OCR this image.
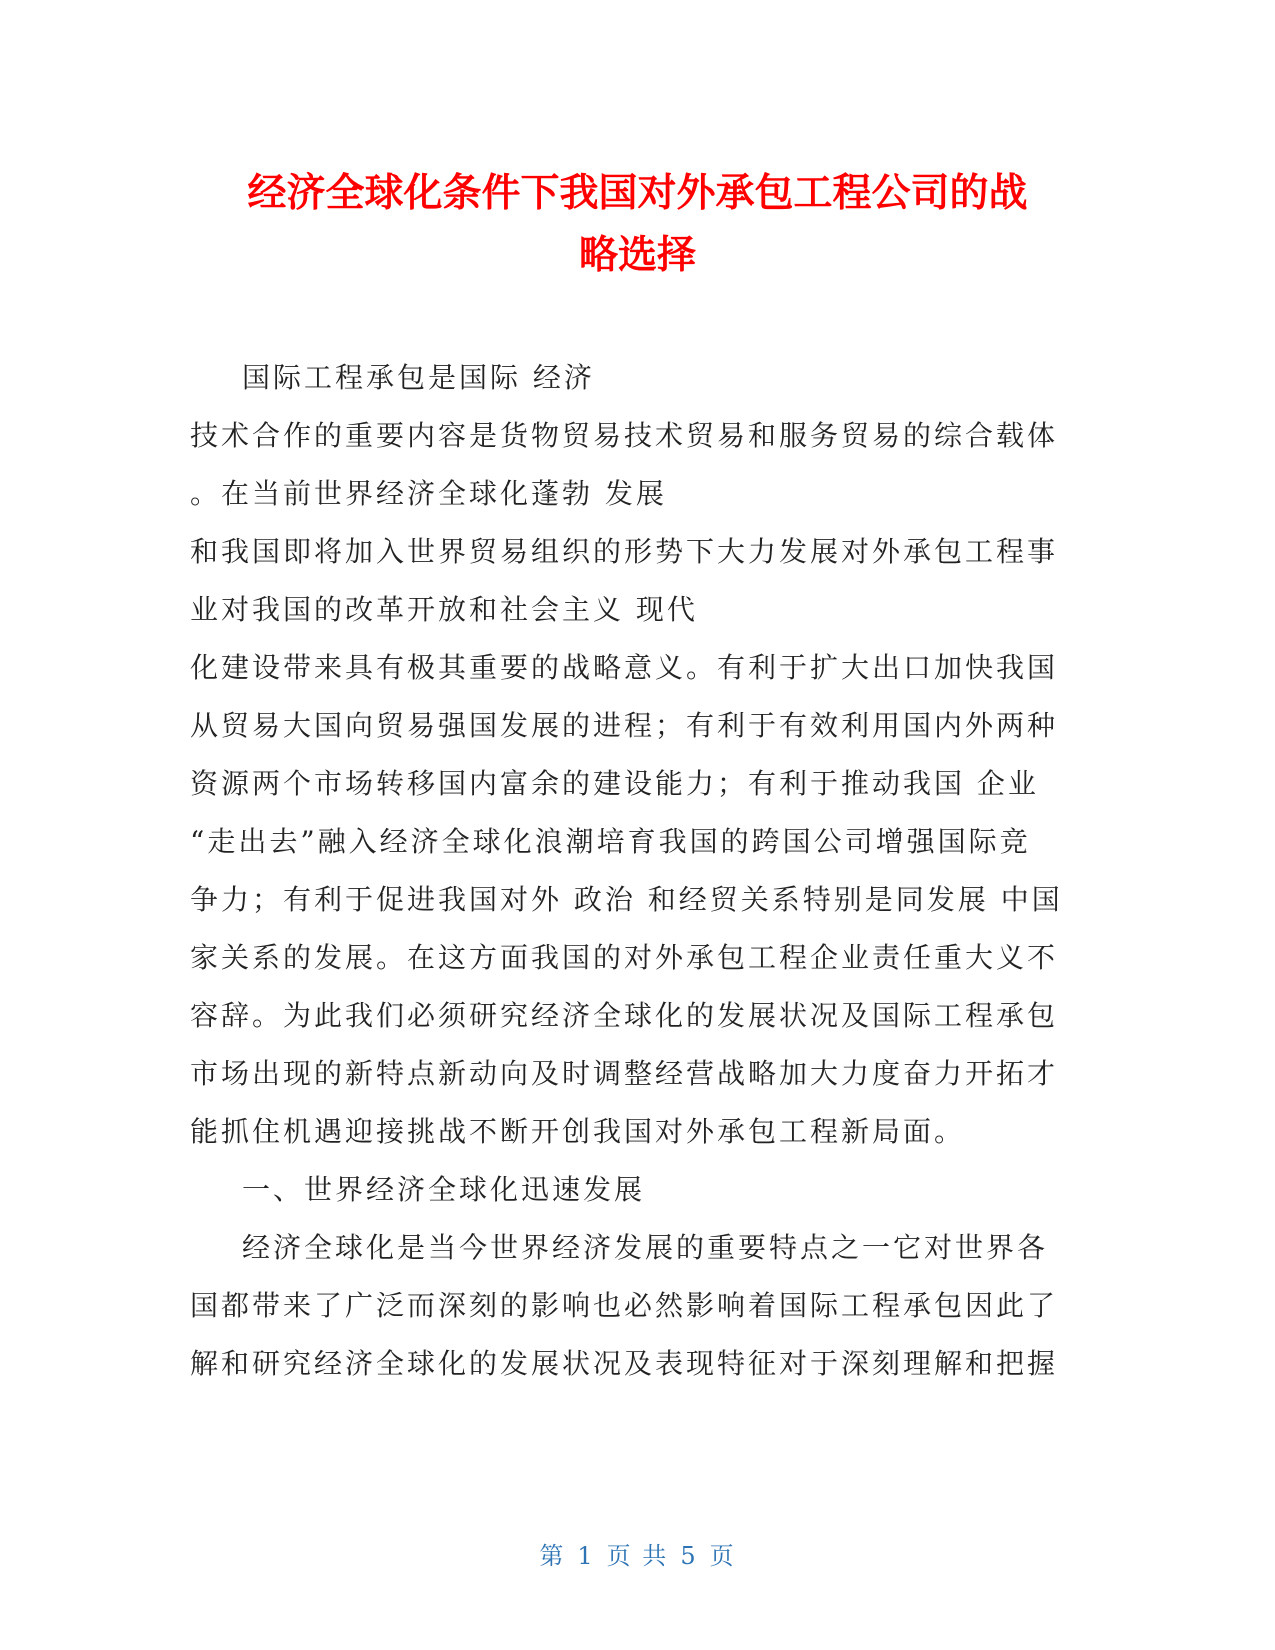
经济全球化条件下我国对外承包工程公司的战
略选择

国际工程承包是国际 经济

技术合作的重要内容是货物贸易技术贸易和服务贸易的综合载体

。在当前世界经济全球化蓬勃 发展

和我国即将加入世界贸易组织的形势下大力发展对外承包工程事

业对我国的改革开放和社会主义 现代

化建设带来具有极其重要的战略意义。有利于扩大出口加快我国

从贸易大国向贸易强国发展的进程；有利于有效利用国内外两种

资源两个市场转移国内富余的建设能力；有利于推动我国 企业

“走出去”融入经济全球化浪潮培育我国的跨国公司增强国际竞

争力；有利于促进我国对外 政治 和经贸关系特别是同发展 中国

家关系的发展。在这方面我国的对外承包工程企业责任重大义不

容辞。为此我们必须研究经济全球化的发展状况及国际工程承包

市场出现的新特点新动向及时调整经营战略加大力度奋力开拓才

能抓住机遇迎接挑战不断开创我国对外承包工程新局面。

一、世界经济全球化迅速发展

经济全球化是当今世界经济发展的重要特点之一它对世界各

国都带来了广泛而深刻的影响也必然影响着国际工程承包因此了

解和研究经济全球化的发展状况及表现特征对于深刻理解和把握

第 1 页 共 5 页
